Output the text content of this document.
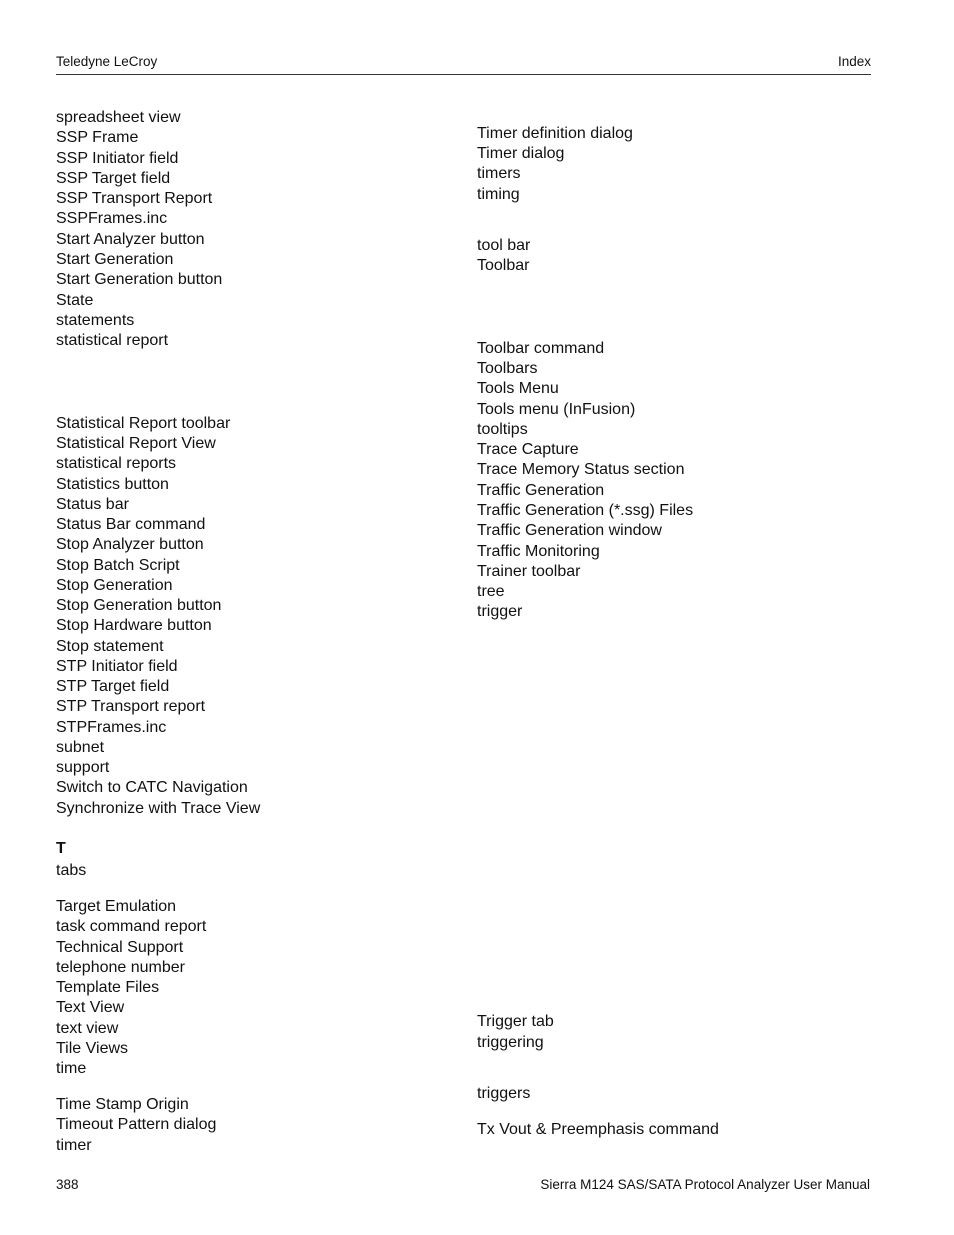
Teledyne LeCroy	Index
spreadsheet view
SSP Frame
SSP Initiator field
SSP Target field
SSP Transport Report
SSPFrames.inc
Start Analyzer button
Start Generation
Start Generation button
State
statements
statistical report
Statistical Report toolbar
Statistical Report View
statistical reports
Statistics button
Status bar
Status Bar command
Stop Analyzer button
Stop Batch Script
Stop Generation
Stop Generation button
Stop Hardware button
Stop statement
STP Initiator field
STP Target field
STP Transport report
STPFrames.inc
subnet
support
Switch to CATC Navigation
Synchronize with Trace View
T
tabs
Target Emulation
task command report
Technical Support
telephone number
Template Files
Text View
text view
Tile Views
time
Time Stamp Origin
Timeout Pattern dialog
timer
Timer definition dialog
Timer dialog
timers
timing
tool bar
Toolbar
Toolbar command
Toolbars
Tools Menu
Tools menu (InFusion)
tooltips
Trace Capture
Trace Memory Status section
Traffic Generation
Traffic Generation (*.ssg) Files
Traffic Generation window
Traffic Monitoring
Trainer toolbar
tree
trigger
Trigger tab
triggering
triggers
Tx Vout & Preemphasis command
388	Sierra M124 SAS/SATA Protocol Analyzer User Manual
